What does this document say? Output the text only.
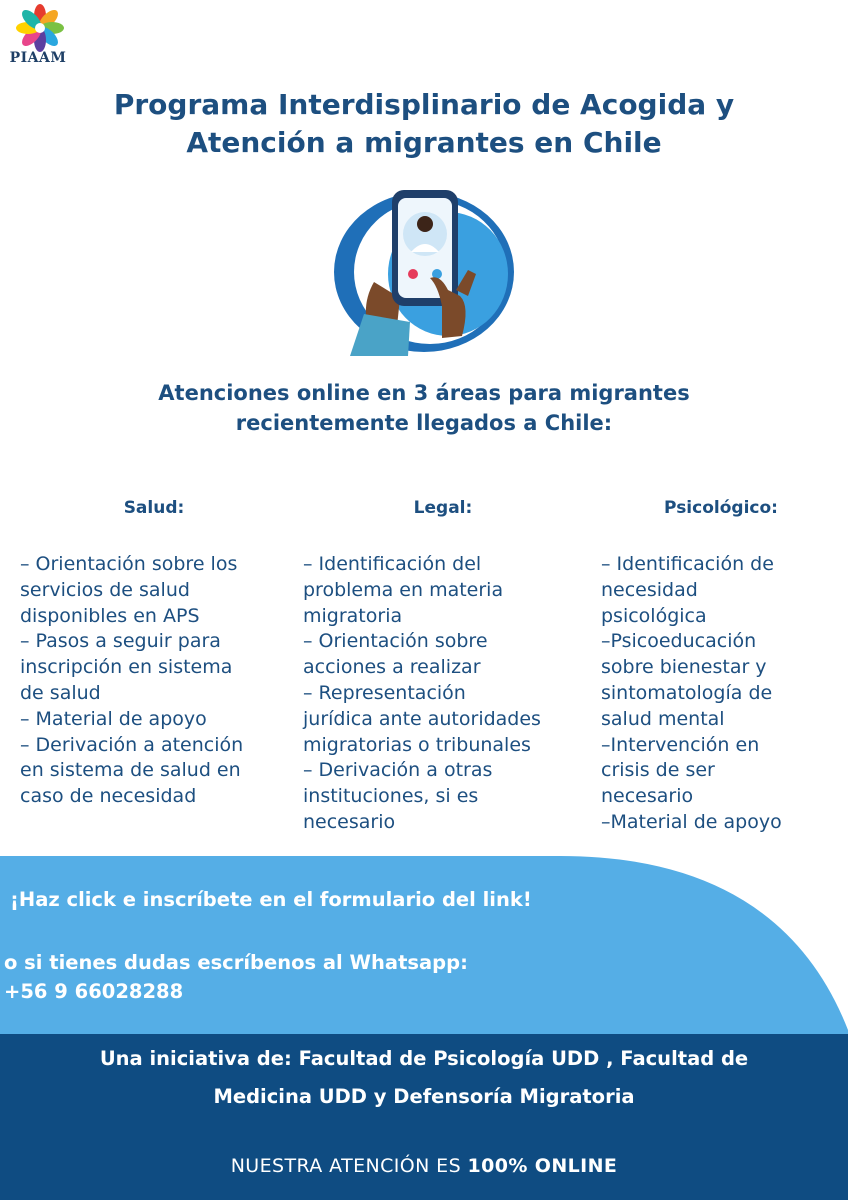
PIAAM
Programa Interdisplinario de Acogida y
Atención a migrantes en Chile
Atenciones online en 3 áreas para migrantes
recientemente llegados a Chile:
Salud:
– Orientación sobre los
servicios de salud
disponibles en APS
– Pasos a seguir para
inscripción en sistema
de salud
– Material de apoyo
– Derivación a atención
en sistema de salud en
caso de necesidad
Legal:
– Identificación del
problema en materia
migratoria
– Orientación sobre
acciones a realizar
– Representación
jurídica ante autoridades
migratorias o tribunales
– Derivación a otras
instituciones, si es
necesario
Psicológico:
– Identificación de
necesidad
psicológica
–Psicoeducación
sobre bienestar y
sintomatología de
salud mental
–Intervención en
crisis de ser
necesario
–Material de apoyo

¡Haz click e inscríbete en el formulario del link!

o si tienes dudas escríbenos al Whatsapp:
+56 9 66028288

Una iniciativa de: Facultad de Psicología UDD , Facultad de
Medicina UDD y Defensoría Migratoria

NUESTRA ATENCIÓN ES 100% ONLINE
